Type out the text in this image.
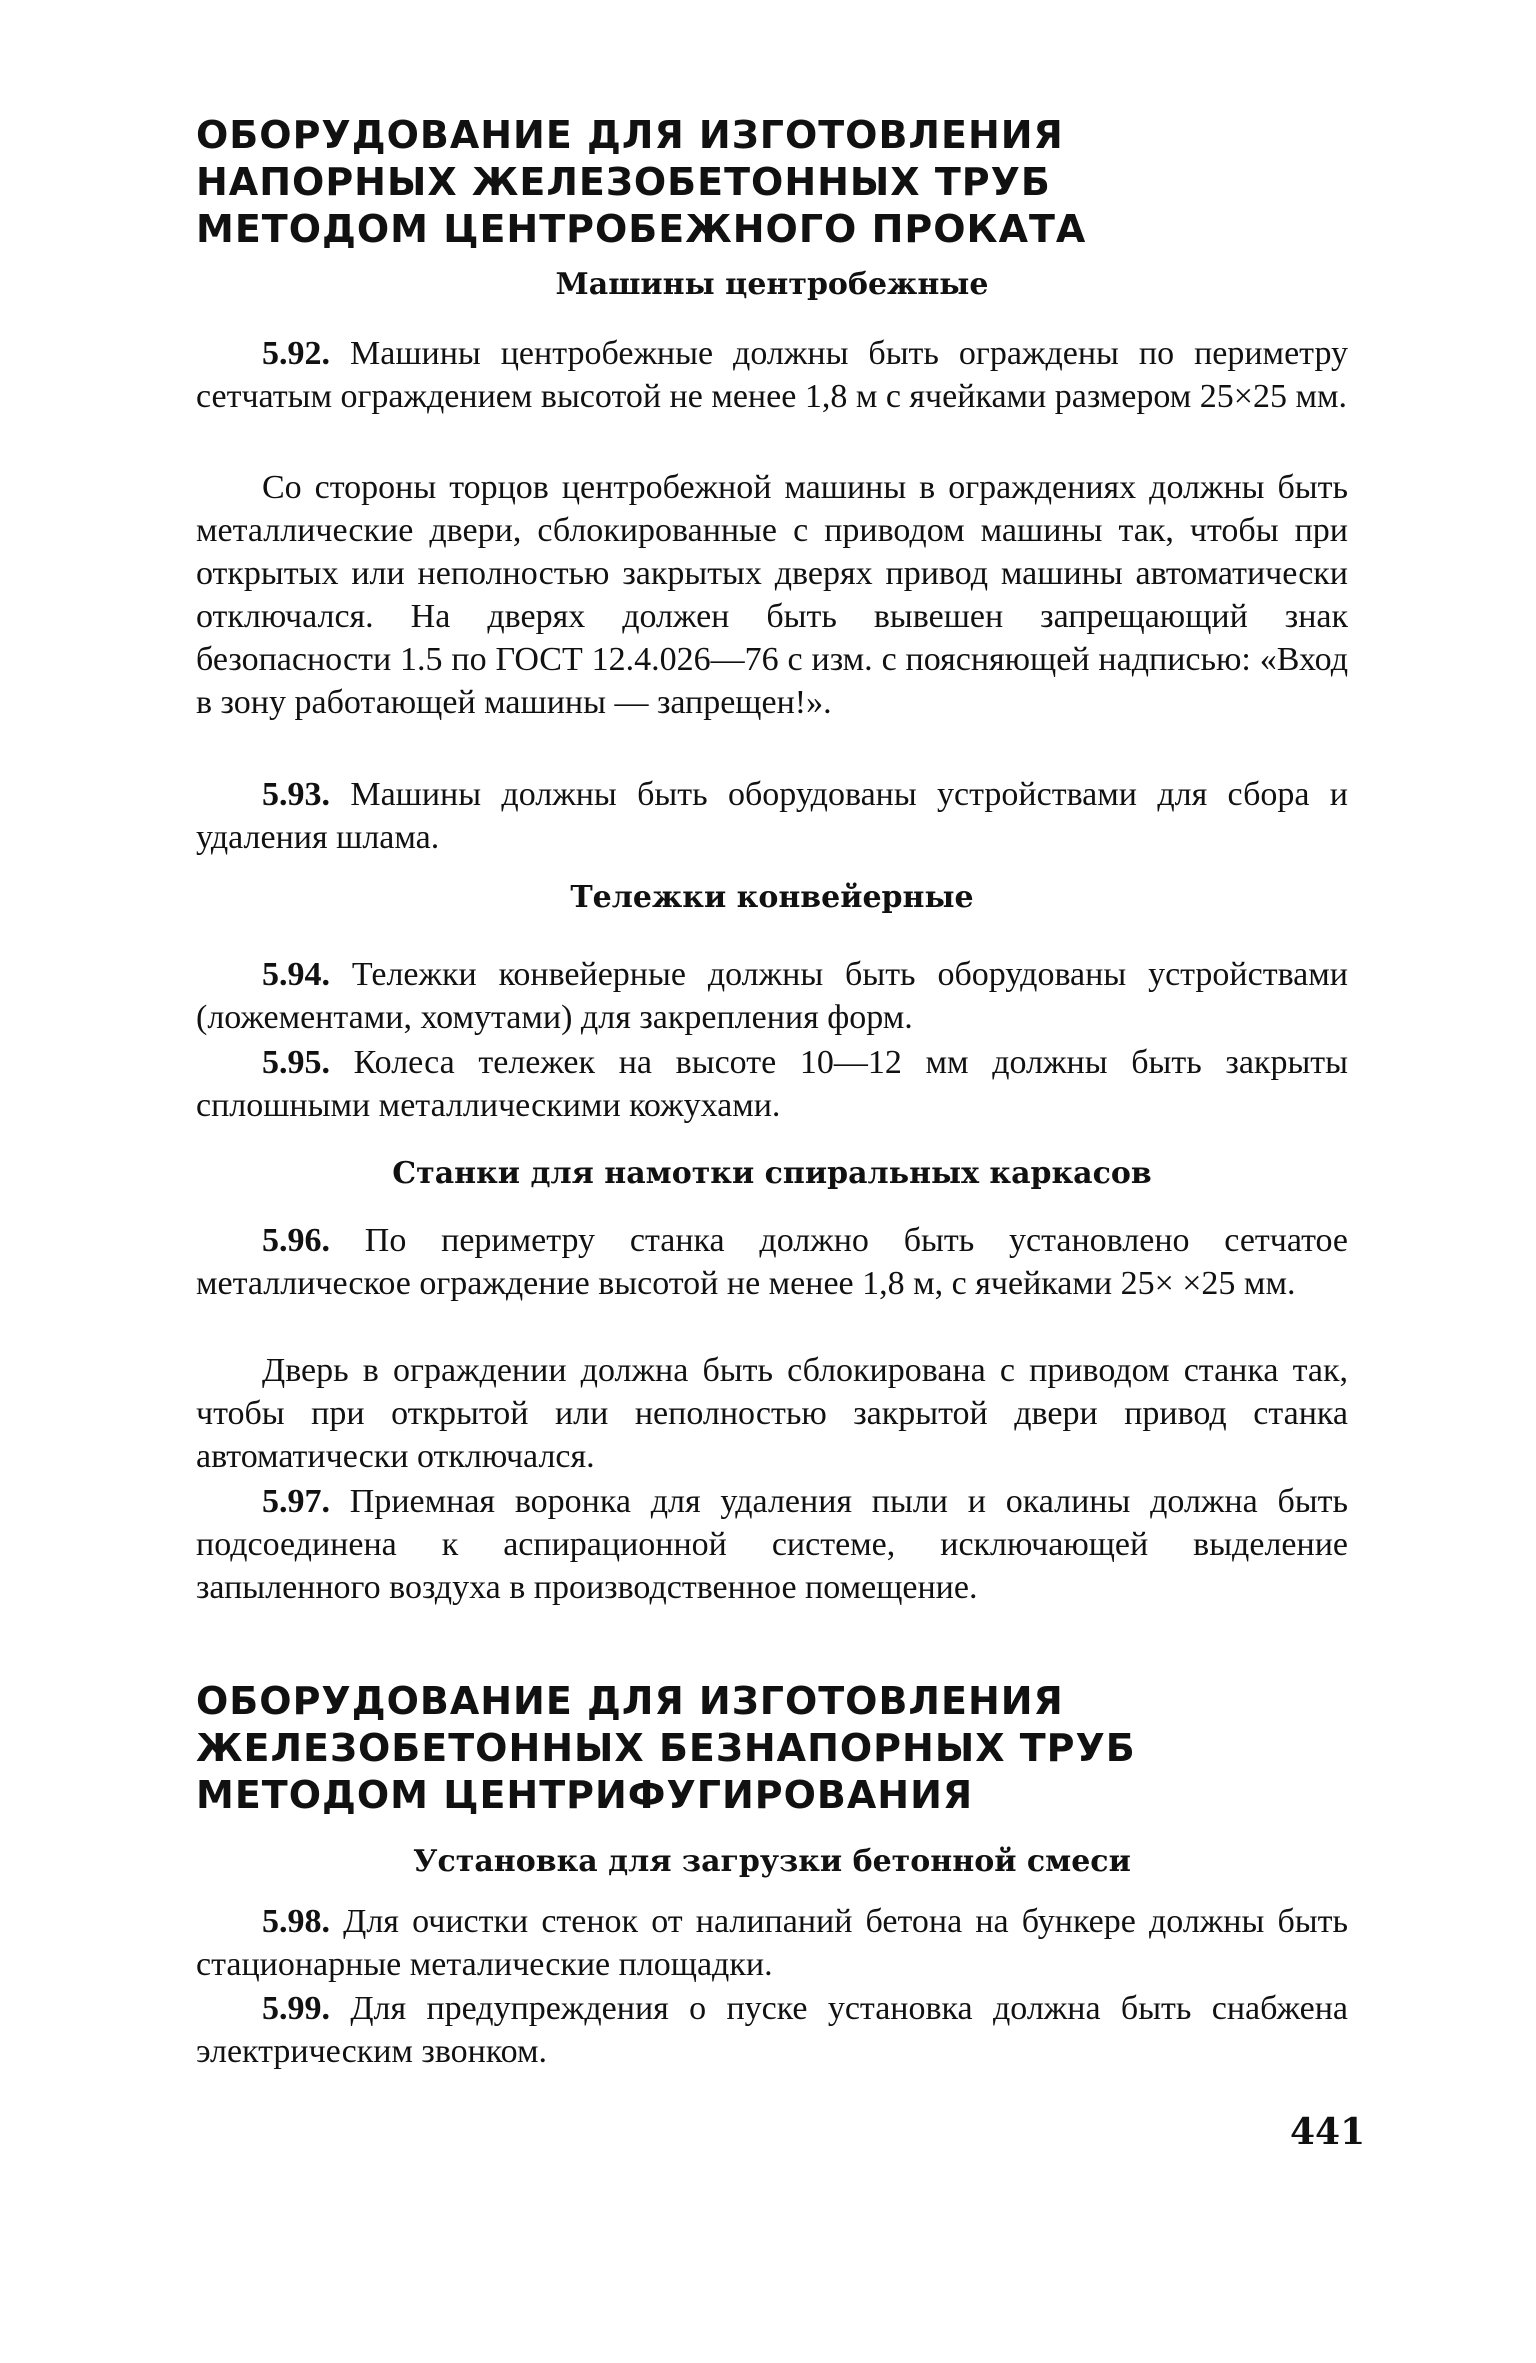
ОБОРУДОВАНИЕ ДЛЯ ИЗГОТОВЛЕНИЯ
НАПОРНЫХ ЖЕЛЕЗОБЕТОННЫХ ТРУБ
МЕТОДОМ ЦЕНТРОБЕЖНОГО ПРОКАТА
Машины центробежные

5.92. Машины центробежные должны быть ограждены по периметру сетчатым ограждением высотой не менее 1,8 м с ячейками размером 25×25 мм.

Со стороны торцов центробежной машины в ограждениях должны быть металлические двери, сблокированные с приводом машины так, чтобы при открытых или неполностью закрытых дверях привод машины автоматически отключался. На дверях должен быть вывешен запрещающий знак безопасности 1.5 по ГОСТ 12.4.026—76 с изм. с поясняющей надписью: «Вход в зону работающей машины — запрещен!».

5.93. Машины должны быть оборудованы устройствами для сбора и удаления шлама.

Тележки конвейерные

5.94. Тележки конвейерные должны быть оборудованы устройствами (ложементами, хомутами) для закрепления форм.

5.95. Колеса тележек на высоте 10—12 мм должны быть закрыты сплошными металлическими кожухами.

Станки для намотки спиральных каркасов

5.96. По периметру станка должно быть установлено сетчатое металлическое ограждение высотой не менее 1,8 м, с ячейками 25× ×25 мм.

Дверь в ограждении должна быть сблокирована с приводом станка так, чтобы при открытой или неполностью закрытой двери привод станка автоматически отключался.

5.97. Приемная воронка для удаления пыли и окалины должна быть подсоединена к аспирационной системе, исключающей выделение запыленного воздуха в производственное помещение.

ОБОРУДОВАНИЕ ДЛЯ ИЗГОТОВЛЕНИЯ
ЖЕЛЕЗОБЕТОННЫХ БЕЗНАПОРНЫХ ТРУБ
МЕТОДОМ ЦЕНТРИФУГИРОВАНИЯ
Установка для загрузки бетонной смеси

5.98. Для очистки стенок от налипаний бетона на бункере должны быть стационарные металические площадки.

5.99. Для предупреждения о пуске установка должна быть снабжена электрическим звонком.

441
